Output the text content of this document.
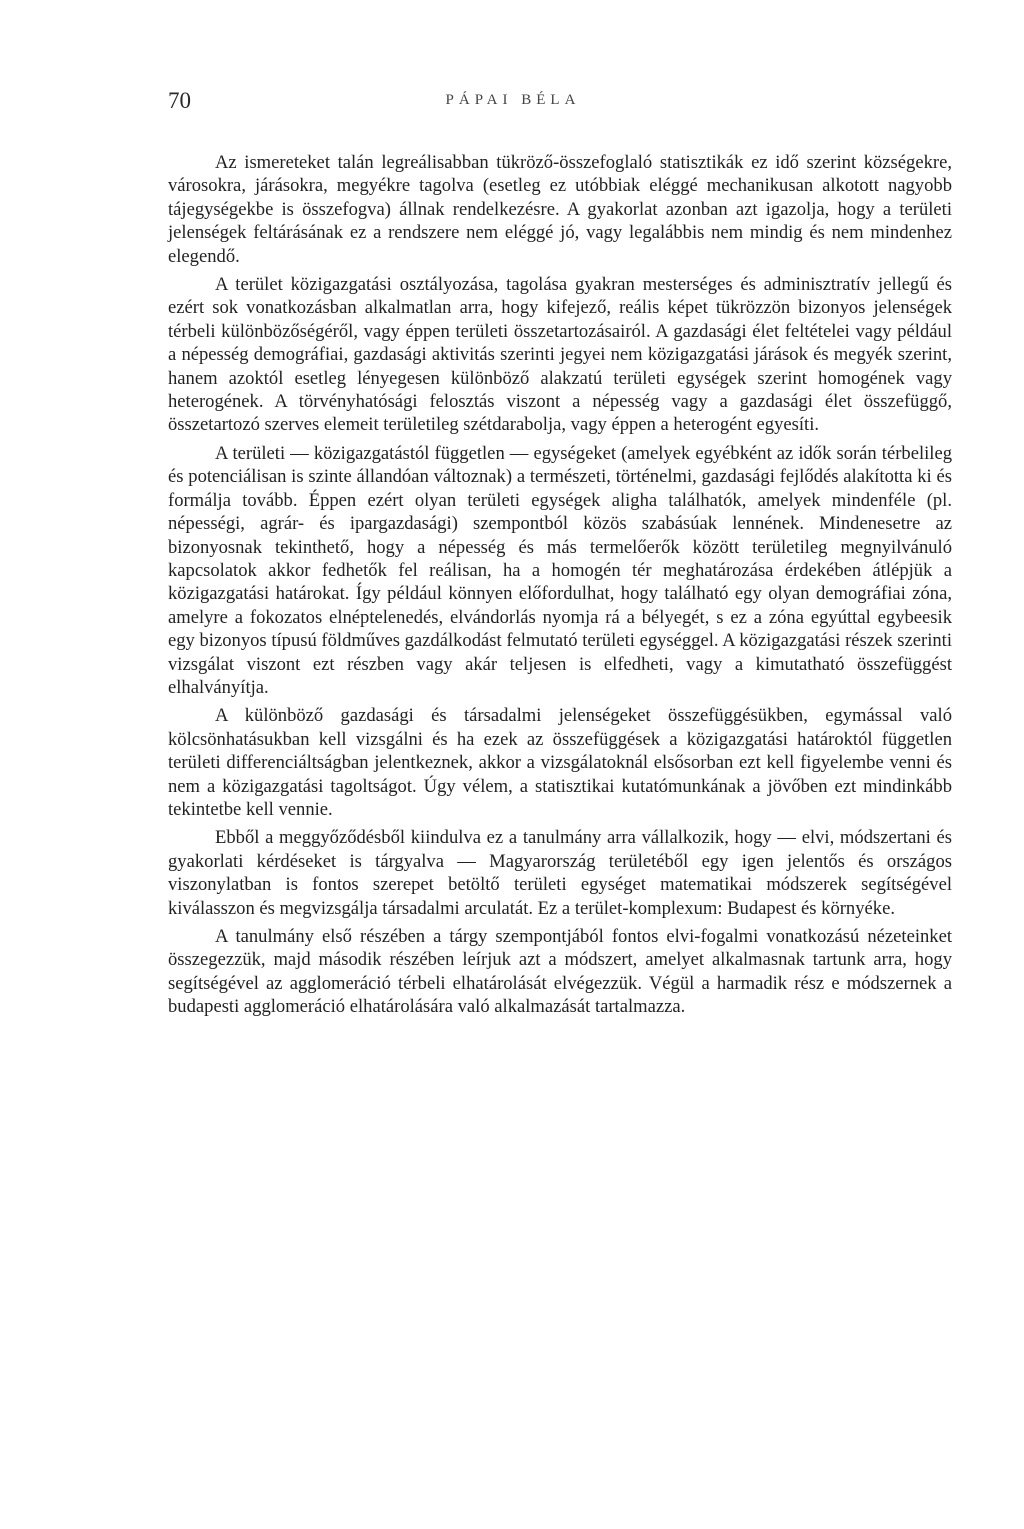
70	PÁPAI BÉLA

Az ismereteket talán legreálisabban tükröző-összefoglaló statisztikák ez idő szerint községekre, városokra, járásokra, megyékre tagolva (esetleg ez utóbbiak eléggé mechanikusan alkotott nagyobb tájegységekbe is összefogva) állnak rendelkezésre. A gyakorlat azonban azt igazolja, hogy a területi jelenségek feltárásának ez a rendszere nem eléggé jó, vagy legalábbis nem mindig és nem mindenhez elegendő.

A terület közigazgatási osztályozása, tagolása gyakran mesterséges és adminisztratív jellegű és ezért sok vonatkozásban alkalmatlan arra, hogy kifejező, reális képet tükrözzön bizonyos jelenségek térbeli különbözőségéről, vagy éppen területi összetartozásairól. A gazdasági élet feltételei vagy például a népesség demográfiai, gazdasági aktivitás szerinti jegyei nem közigazgatási járások és megyék szerint, hanem azoktól esetleg lényegesen különböző alakzatú területi egységek szerint homogének vagy heterogének. A törvényhatósági felosztás viszont a népesség vagy a gazdasági élet összefüggő, összetartozó szerves elemeit területileg szétdarabolja, vagy éppen a heterogént egyesíti.

A területi — közigazgatástól független — egységeket (amelyek egyébként az idők során térbelileg és potenciálisan is szinte állandóan változnak) a természeti, történelmi, gazdasági fejlődés alakította ki és formálja tovább. Éppen ezért olyan területi egységek aligha találhatók, amelyek mindenféle (pl. népességi, agrár- és ipargazdasági) szempontból közös szabásúak lennének. Mindenesetre az bizonyosnak tekinthető, hogy a népesség és más termelőerők között területileg megnyilvánuló kapcsolatok akkor fedhetők fel reálisan, ha a homogén tér meghatározása érdekében átlépjük a közigazgatási határokat. Így például könnyen előfordulhat, hogy található egy olyan demográfiai zóna, amelyre a fokozatos elnéptelenedés, elvándorlás nyomja rá a bélyegét, s ez a zóna egyúttal egybeesik egy bizonyos típusú földműves gazdálkodást felmutató területi egységgel. A közigazgatási részek szerinti vizsgálat viszont ezt részben vagy akár teljesen is elfedheti, vagy a kimutatható összefüggést elhalványítja.

A különböző gazdasági és társadalmi jelenségeket összefüggésükben, egymással való kölcsönhatásukban kell vizsgálni és ha ezek az összefüggések a közigazgatási határoktól független területi differenciáltságban jelentkeznek, akkor a vizsgálatoknál elsősorban ezt kell figyelembe venni és nem a közigazgatási tagoltságot. Úgy vélem, a statisztikai kutatómunkának a jövőben ezt mindinkább tekintetbe kell vennie.

Ebből a meggyőződésből kiindulva ez a tanulmány arra vállalkozik, hogy — elvi, módszertani és gyakorlati kérdéseket is tárgyalva — Magyarország területéből egy igen jelentős és országos viszonylatban is fontos szerepet betöltő területi egységet matematikai módszerek segítségével kiválasszon és megvizsgálja társadalmi arculatát. Ez a terület-komplexum: Budapest és környéke.

A tanulmány első részében a tárgy szempontjából fontos elvi-fogalmi vonatkozású nézeteinket összegezzük, majd második részében leírjuk azt a módszert, amelyet alkalmasnak tartunk arra, hogy segítségével az agglomeráció térbeli elhatárolását elvégezzük. Végül a harmadik rész e módszernek a budapesti agglomeráció elhatárolására való alkalmazását tartalmazza.
